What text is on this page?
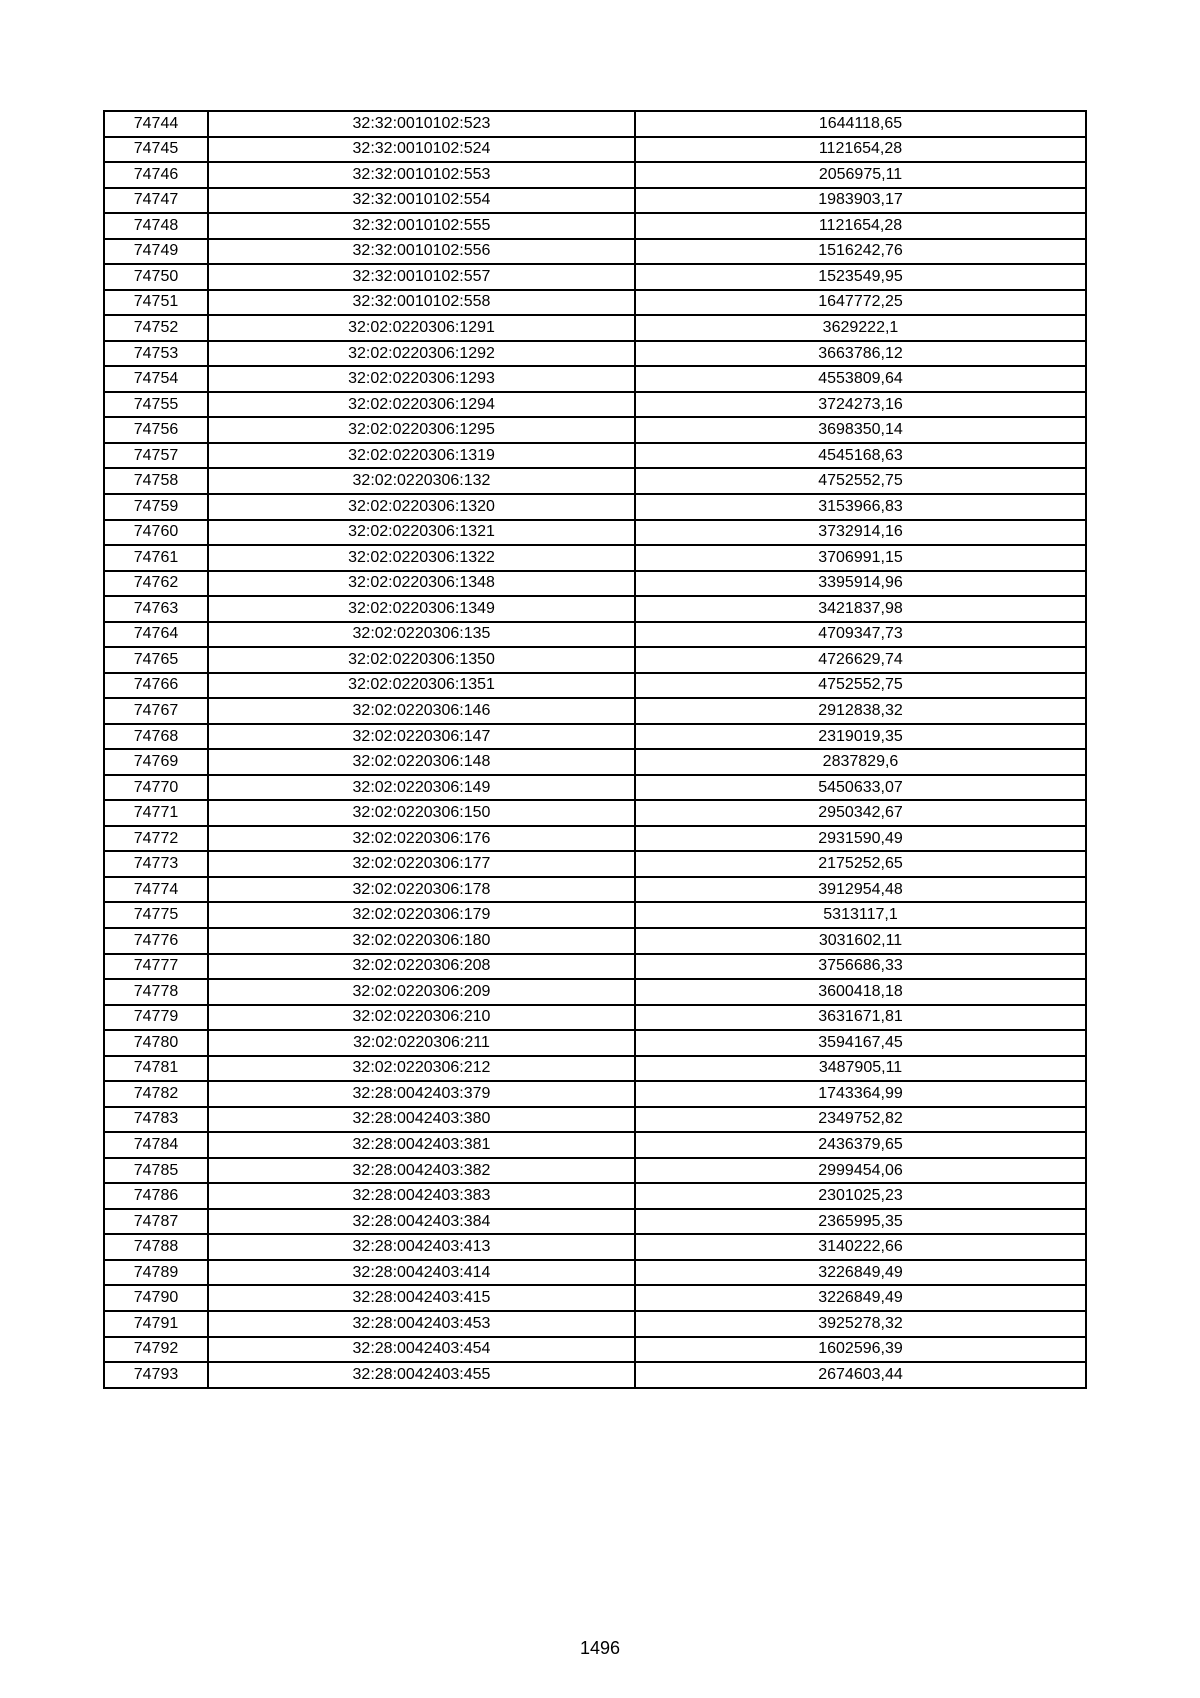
74744	32:32:0010102:523	1644118,65
74745	32:32:0010102:524	1121654,28
74746	32:32:0010102:553	2056975,11
74747	32:32:0010102:554	1983903,17
74748	32:32:0010102:555	1121654,28
74749	32:32:0010102:556	1516242,76
74750	32:32:0010102:557	1523549,95
74751	32:32:0010102:558	1647772,25
74752	32:02:0220306:1291	3629222,1
74753	32:02:0220306:1292	3663786,12
74754	32:02:0220306:1293	4553809,64
74755	32:02:0220306:1294	3724273,16
74756	32:02:0220306:1295	3698350,14
74757	32:02:0220306:1319	4545168,63
74758	32:02:0220306:132	4752552,75
74759	32:02:0220306:1320	3153966,83
74760	32:02:0220306:1321	3732914,16
74761	32:02:0220306:1322	3706991,15
74762	32:02:0220306:1348	3395914,96
74763	32:02:0220306:1349	3421837,98
74764	32:02:0220306:135	4709347,73
74765	32:02:0220306:1350	4726629,74
74766	32:02:0220306:1351	4752552,75
74767	32:02:0220306:146	2912838,32
74768	32:02:0220306:147	2319019,35
74769	32:02:0220306:148	2837829,6
74770	32:02:0220306:149	5450633,07
74771	32:02:0220306:150	2950342,67
74772	32:02:0220306:176	2931590,49
74773	32:02:0220306:177	2175252,65
74774	32:02:0220306:178	3912954,48
74775	32:02:0220306:179	5313117,1
74776	32:02:0220306:180	3031602,11
74777	32:02:0220306:208	3756686,33
74778	32:02:0220306:209	3600418,18
74779	32:02:0220306:210	3631671,81
74780	32:02:0220306:211	3594167,45
74781	32:02:0220306:212	3487905,11
74782	32:28:0042403:379	1743364,99
74783	32:28:0042403:380	2349752,82
74784	32:28:0042403:381	2436379,65
74785	32:28:0042403:382	2999454,06
74786	32:28:0042403:383	2301025,23
74787	32:28:0042403:384	2365995,35
74788	32:28:0042403:413	3140222,66
74789	32:28:0042403:414	3226849,49
74790	32:28:0042403:415	3226849,49
74791	32:28:0042403:453	3925278,32
74792	32:28:0042403:454	1602596,39
74793	32:28:0042403:455	2674603,44
1496
